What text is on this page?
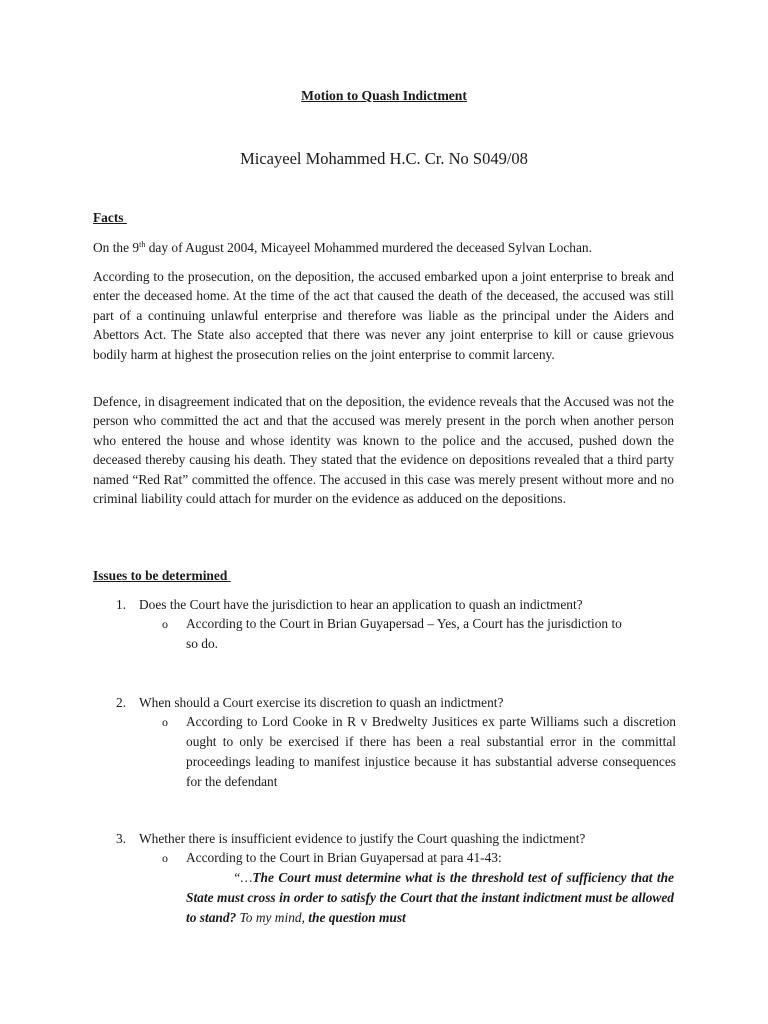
Motion to Quash Indictment
Micayeel Mohammed H.C. Cr. No S049/08
Facts
On the 9th day of August 2004, Micayeel Mohammed murdered the deceased Sylvan Lochan.
According to the prosecution, on the deposition, the accused embarked upon a joint enterprise to break and enter the deceased home. At the time of the act that caused the death of the deceased, the accused was still part of a continuing unlawful enterprise and therefore was liable as the principal under the Aiders and Abettors Act. The State also accepted that there was never any joint enterprise to kill or cause grievous bodily harm at highest the prosecution relies on the joint enterprise to commit larceny.
Defence, in disagreement indicated that on the deposition, the evidence reveals that the Accused was not the person who committed the act and that the accused was merely present in the porch when another person who entered the house and whose identity was known to the police and the accused, pushed down the deceased thereby causing his death. They stated that the evidence on depositions revealed that a third party named “Red Rat” committed the offence. The accused in this case was merely present without more and no criminal liability could attach for murder on the evidence as adduced on the depositions.
Issues to be determined
1. Does the Court have the jurisdiction to hear an application to quash an indictment?
o According to the Court in Brian Guyapersad – Yes, a Court has the jurisdiction to so do.
2. When should a Court exercise its discretion to quash an indictment?
o According to Lord Cooke in R v Bredwelty Jusitices ex parte Williams such a discretion ought to only be exercised if there has been a real substantial error in the committal proceedings leading to manifest injustice because it has substantial adverse consequences for the defendant
3. Whether there is insufficient evidence to justify the Court quashing the indictment?
o According to the Court in Brian Guyapersad at para 41-43:
“…The Court must determine what is the threshold test of sufficiency that the State must cross in order to satisfy the Court that the instant indictment must be allowed to stand? To my mind, the question must
